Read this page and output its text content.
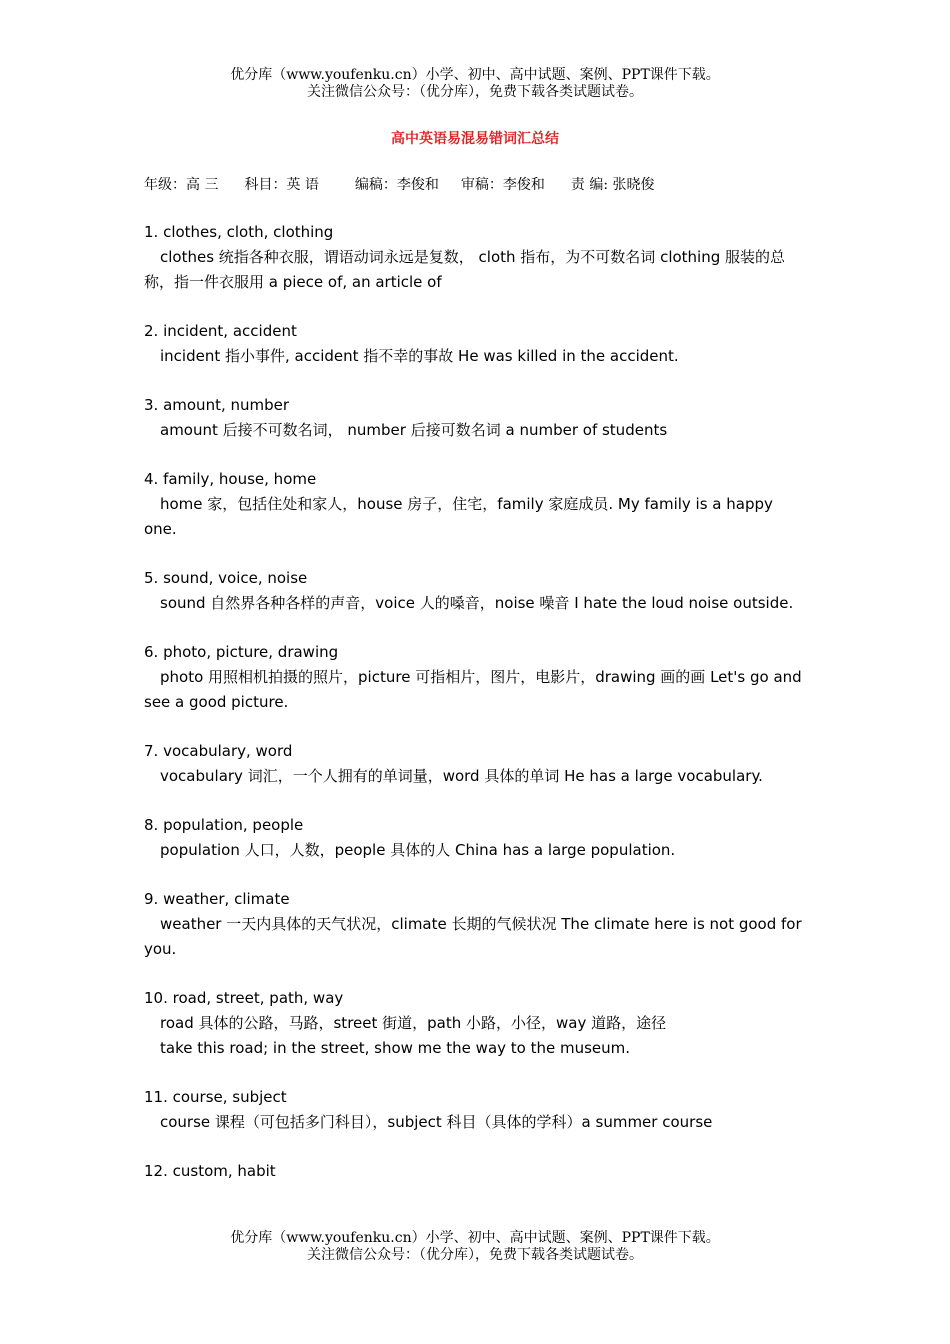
优分库（www.youfenku.cn）小学、初中、高中试题、案例、PPT课件下载。
关注微信公众号：（优分库），免费下载各类试题试卷。
高中英语易混易错词汇总结
年级：高 三 科目：英 语	编稿：李俊和 审稿：李俊和 责 编: 张晓俊

1. clothes, cloth, clothing

clothes 统指各种衣服，谓语动词永远是复数， cloth 指布，为不可数名词 clothing 服装的总称，指一件衣服用 a piece of, an article of

2. incident, accident

incident 指小事件, accident 指不幸的事故 He was killed in the accident.

3. amount, number

amount 后接不可数名词， number 后接可数名词 a number of students

4. family, house, home

home 家，包括住处和家人，house 房子，住宅，family 家庭成员. My family is a happy one.

5. sound, voice, noise

sound 自然界各种各样的声音，voice 人的嗓音，noise 噪音 I hate the loud noise outside.

6. photo, picture, drawing

photo 用照相机拍摄的照片，picture 可指相片，图片，电影片，drawing 画的画 Let's go and see a good picture.

7. vocabulary, word

vocabulary 词汇，一个人拥有的单词量，word 具体的单词 He has a large vocabulary.

8. population, people

population 人口，人数，people 具体的人 China has a large population.

9. weather, climate

weather 一天内具体的天气状况，climate 长期的气候状况 The climate here is not good for you.

10. road, street, path, way

road 具体的公路，马路，street 街道，path 小路，小径，way 道路，途径

take this road; in the street, show me the way to the museum.

11. course, subject

course 课程（可包括多门科目），subject 科目（具体的学科）a summer course

12. custom, habit

优分库（www.youfenku.cn）小学、初中、高中试题、案例、PPT课件下载。
关注微信公众号：（优分库），免费下载各类试题试卷。
